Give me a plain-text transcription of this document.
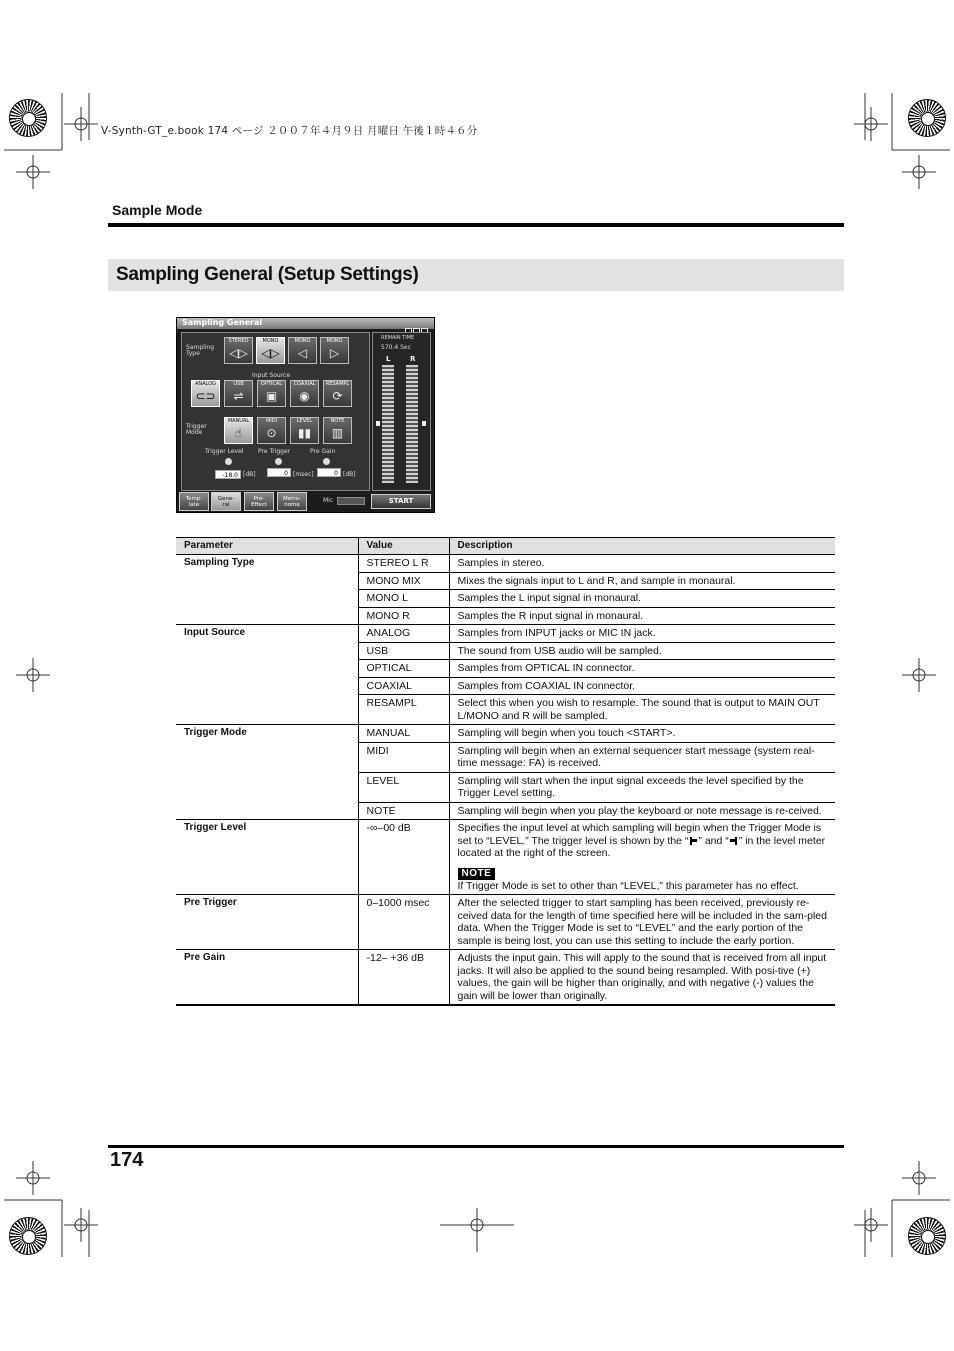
V-Synth-GT_e.book 174 ページ ２００７年４月９日 月曜日 午後１時４６分
Sample Mode
Sampling General (Setup Settings)
Sampling General
Sampling Type
STEREO
◁▷
MONO
◁▷
MONO
◁
MONO
▷
Input Source
ANALOG
⊂⊃
USB
⇌
OPTICAL
▣
COAXIAL
◉
RESAMPL
⟳
Trigger Mode
MANUAL
☝
MIDI
⊙
LEVEL
▮▮
NOTE
▥
Trigger Level Pre Trigger	Pre Gain
-18.0 [dB]	0 [msec]	0 [dB]
REMAIN TIME
570.4 Sec
L	R
Temp-
late
Gene-
ral
Pre-
Effect
Metro-
nome
Mic	START
Parameter	Value	Description
Sampling Type	STEREO L R	Samples in stereo.
	MONO MIX	Mixes the signals input to L and R, and sample in monaural.
	MONO L	Samples the L input signal in monaural.
	MONO R	Samples the R input signal in monaural.
Input Source	ANALOG	Samples from INPUT jacks or MIC IN jack.
	USB	The sound from USB audio will be sampled.
	OPTICAL	Samples from OPTICAL IN connector.
	COAXIAL	Samples from COAXIAL IN connector.
	RESAMPL	Select this when you wish to resample. The sound that is output to MAIN OUT L/MONO and R will be sampled.
Trigger Mode	MANUAL	Sampling will begin when you touch <START>.
	MIDI	Sampling will begin when an external sequencer start message (system real-time message: FA) is received.
	LEVEL	Sampling will start when the input signal exceeds the level specified by the Trigger Level setting.
	NOTE	Sampling will begin when you play the keyboard or note message is re-ceived.
Trigger Level	-∞–00 dB	Specifies the input level at which sampling will begin when the Trigger Mode is set to “LEVEL.” The trigger level is shown by the “ ” and “ ” in the level meter located at the right of the screen.
NOTE
If Trigger Mode is set to other than “LEVEL,” this parameter has no effect.
Pre Trigger	0–1000 msec	After the selected trigger to start sampling has been received, previously re-ceived data for the length of time specified here will be included in the sam-pled data. When the Trigger Mode is set to “LEVEL” and the early portion of the sample is being lost, you can use this setting to include the early portion.
Pre Gain	-12– +36 dB	Adjusts the input gain. This will apply to the sound that is received from all input jacks. It will also be applied to the sound being resampled. With posi-tive (+) values, the gain will be higher than originally, and with negative (-) values the gain will be lower than originally.
174
